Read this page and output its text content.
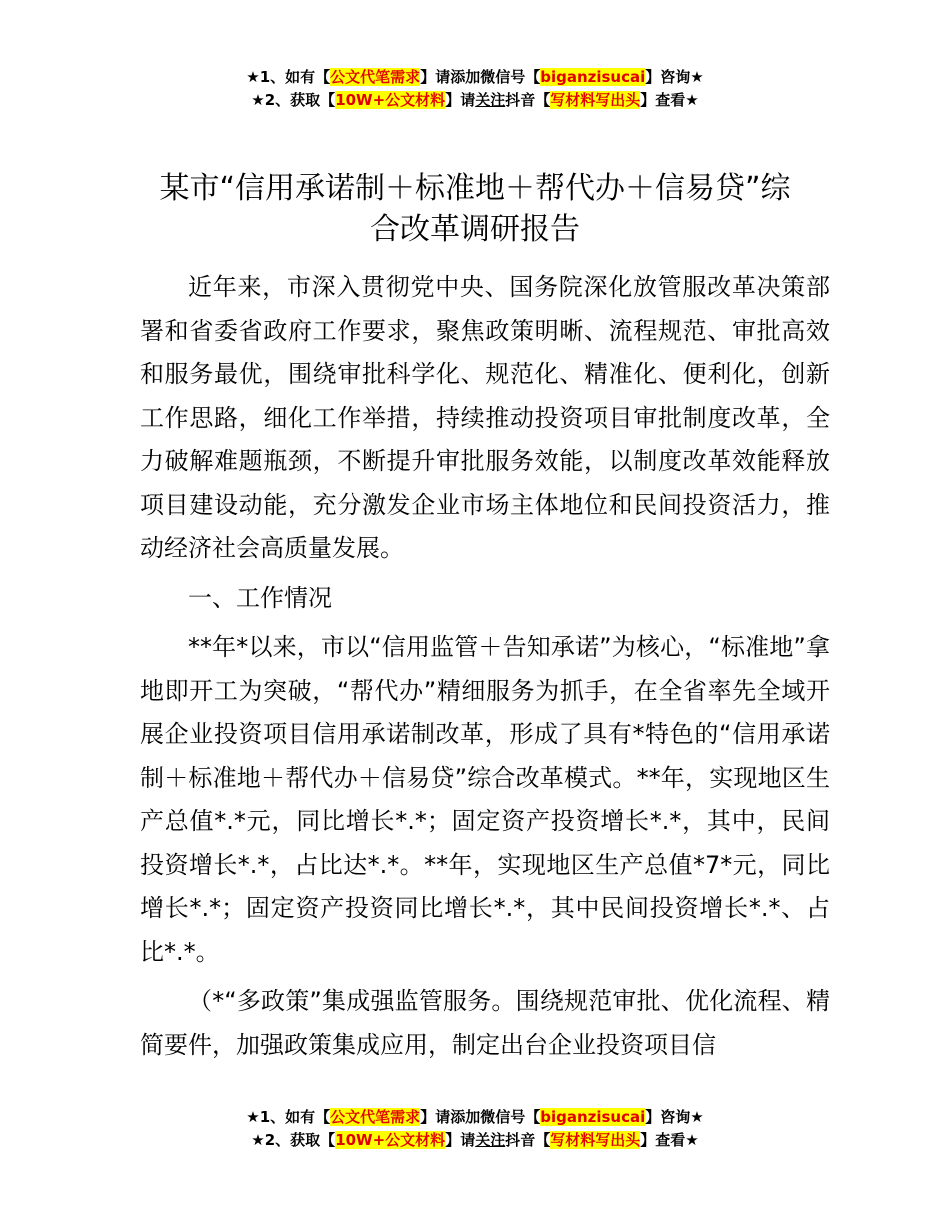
★1、如有【公文代笔需求】请添加微信号【biganzisucai】咨询★
★2、获取【10W+公文材料】请关注抖音【写材料写出头】查看★
某市“信用承诺制＋标准地＋帮代办＋信易贷”综合改革调研报告

近年来，市深入贯彻党中央、国务院深化放管服改革决策部署和省委省政府工作要求，聚焦政策明晰、流程规范、审批高效和服务最优，围绕审批科学化、规范化、精准化、便利化，创新工作思路，细化工作举措，持续推动投资项目审批制度改革，全力破解难题瓶颈，不断提升审批服务效能，以制度改革效能释放项目建设动能，充分激发企业市场主体地位和民间投资活力，推动经济社会高质量发展。

一、工作情况

**年*以来，市以“信用监管＋告知承诺”为核心，“标准地”拿地即开工为突破，“帮代办”精细服务为抓手，在全省率先全域开展企业投资项目信用承诺制改革，形成了具有*特色的“信用承诺制＋标准地＋帮代办＋信易贷”综合改革模式。**年，实现地区生产总值*.*元，同比增长*.*；固定资产投资增长*.*，其中，民间投资增长*.*，占比达*.*。**年，实现地区生产总值*7*元，同比增长*.*；固定资产投资同比增长*.*，其中民间投资增长*.*、占比*.*。

（*“多政策”集成强监管服务。围绕规范审批、优化流程、精简要件，加强政策集成应用，制定出台企业投资项目信

★1、如有【公文代笔需求】请添加微信号【biganzisucai】咨询★
★2、获取【10W+公文材料】请关注抖音【写材料写出头】查看★
